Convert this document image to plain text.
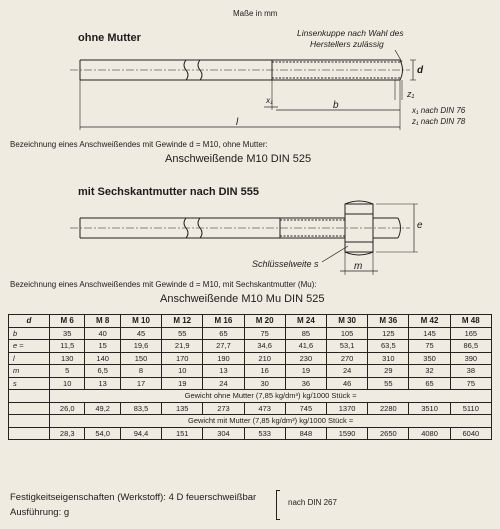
Maße in mm
ohne Mutter	Linsenkuppe nach Wahl des
Herstellers zulässig
d
z₁
x₁	b
l
x₁ nach DIN 76
z₁ nach DIN 78
Bezeichnung eines Anschweißendes mit Gewinde d = M10, ohne Mutter:
Anschweißende M10 DIN 525
mit Sechskantmutter nach DIN 555
e
Schlüsselweite s	m
Bezeichnung eines Anschweißendes mit Gewinde d = M10, mit Sechskantmutter (Mu):
Anschweißende M10 Mu DIN 525
d	M 6	M 8	M 10	M 12	M 16	M 20	M 24	M 30	M 36	M 42	M 48
b	35	40	45	55	65	75	85	105	125	145	165
e ≈	11,5	15	19,6	21,9	27,7	34,6	41,6	53,1	63,5	75	86,5
l	130	140	150	170	190	210	230	270	310	350	390
m	5	6,5	8	10	13	16	19	24	29	32	38
s	10	13	17	19	24	30	36	46	55	65	75
	Gewicht ohne Mutter (7,85 kg/dm³) kg/1000 Stück ≈										
	26,0	49,2	83,5	135	273	473	745	1370	2280	3510	5110
	Gewicht mit Mutter (7,85 kg/dm³) kg/1000 Stück ≈										
	28,3	54,0	94,4	151	304	533	848	1590	2650	4080	6040
Festigkeitseigenschaften (Werkstoff): 4 D feuerschweißbar
Ausführung: g
nach DIN 267
